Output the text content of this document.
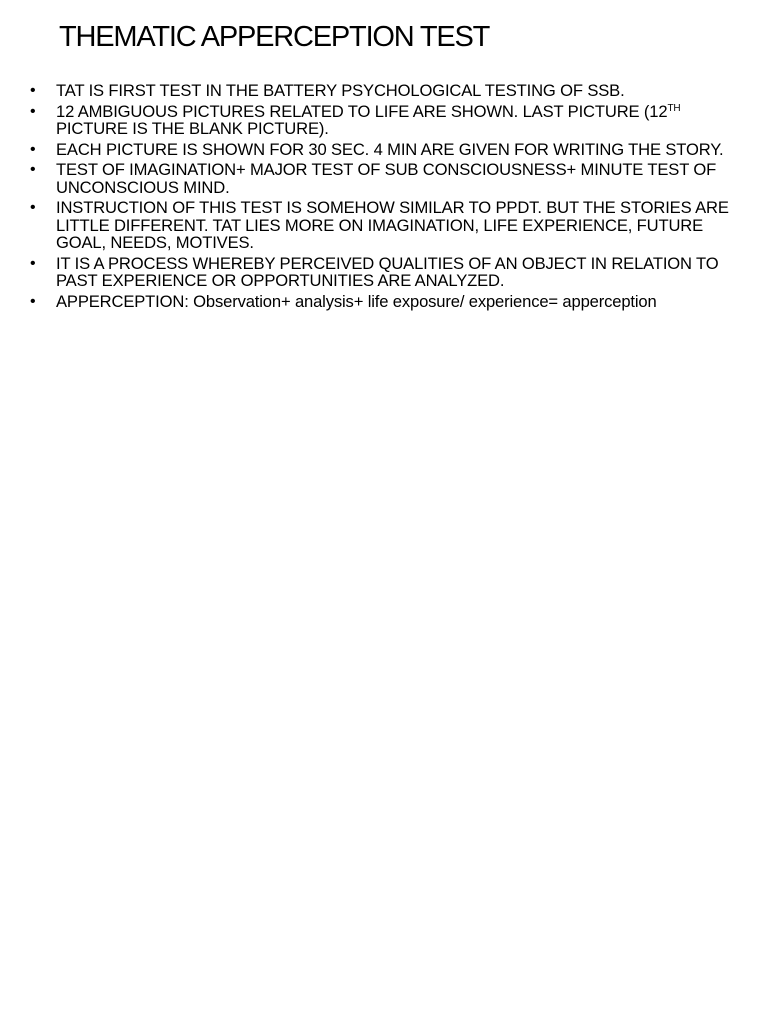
THEMATIC APPERCEPTION TEST
• TAT IS FIRST TEST IN THE BATTERY PSYCHOLOGICAL TESTING OF SSB.
• 12 AMBIGUOUS PICTURES RELATED TO LIFE ARE SHOWN. LAST PICTURE (12TH PICTURE IS THE BLANK PICTURE).
• EACH PICTURE IS SHOWN FOR 30 SEC. 4 MIN ARE GIVEN FOR WRITING THE STORY.
• TEST OF IMAGINATION+ MAJOR TEST OF SUB CONSCIOUSNESS+ MINUTE TEST OF UNCONSCIOUS MIND.
• INSTRUCTION OF THIS TEST IS SOMEHOW SIMILAR TO PPDT. BUT THE STORIES ARE LITTLE DIFFERENT. TAT LIES MORE ON IMAGINATION, LIFE EXPERIENCE, FUTURE GOAL, NEEDS, MOTIVES.
• IT IS A PROCESS WHEREBY PERCEIVED QUALITIES OF AN OBJECT IN RELATION TO PAST EXPERIENCE OR OPPORTUNITIES ARE ANALYZED.
• APPERCEPTION: Observation+ analysis+ life exposure/ experience= apperception
